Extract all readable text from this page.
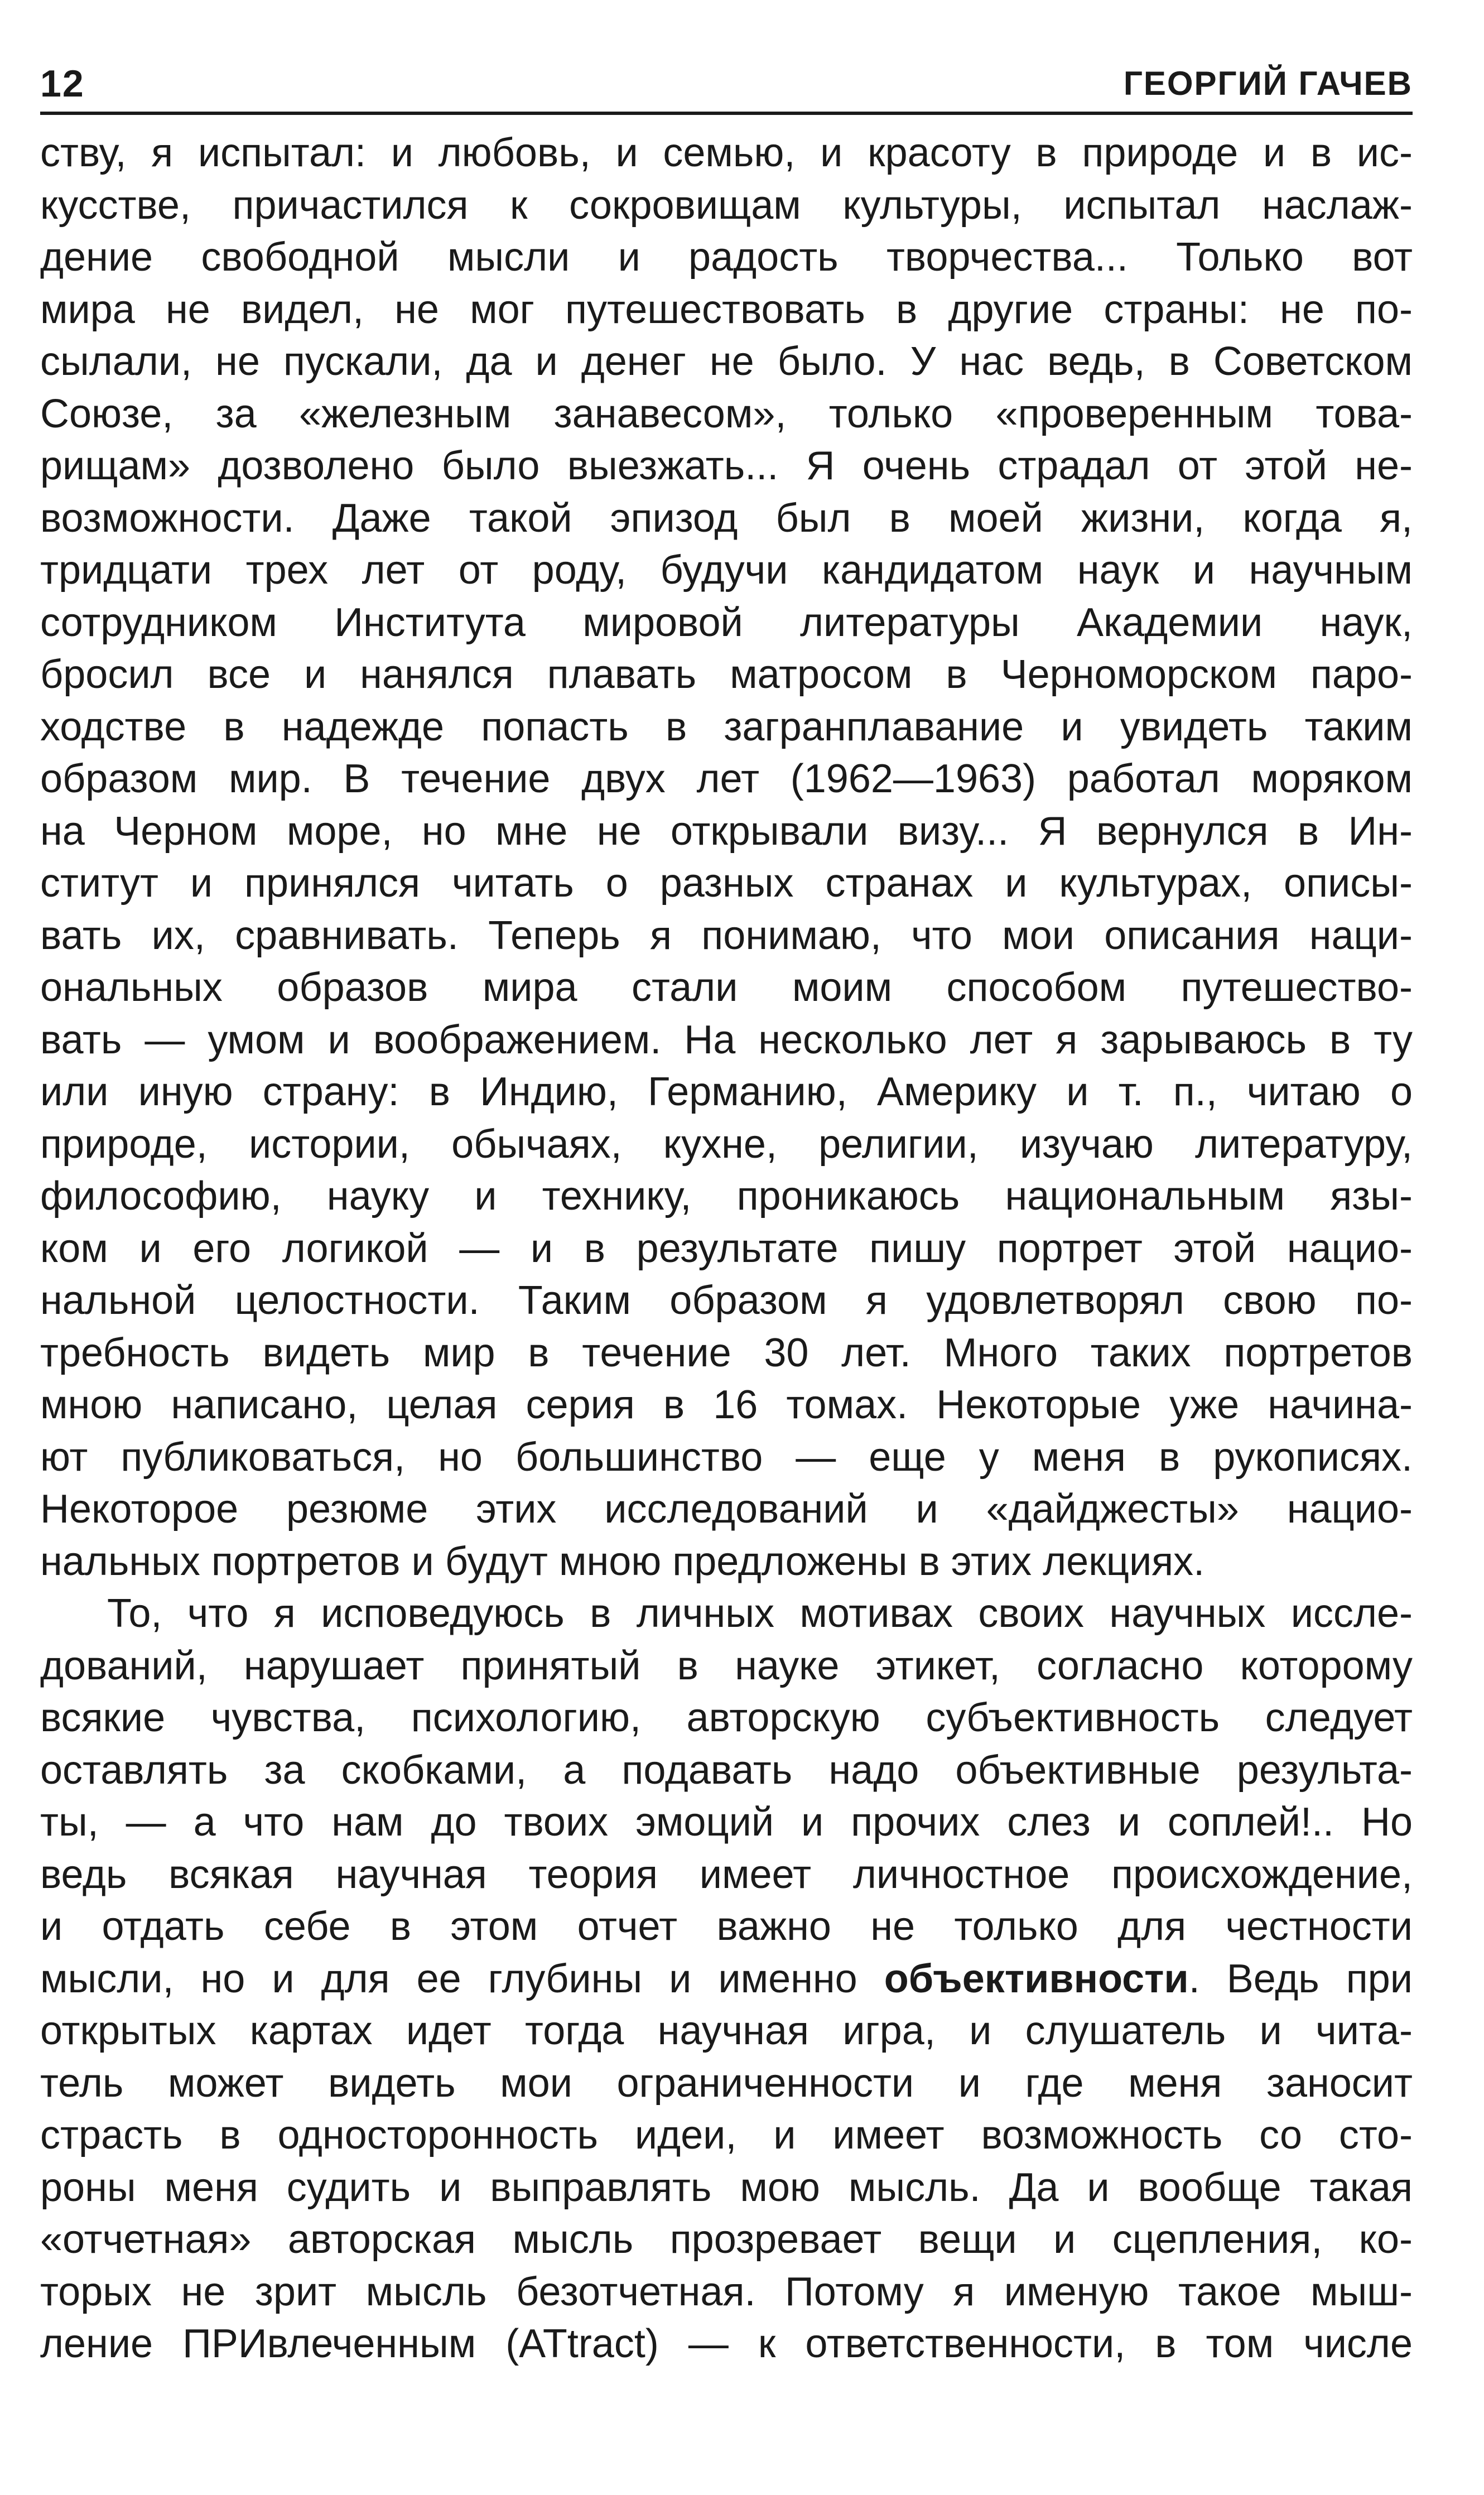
12	ГЕОРГИЙ ГАЧЕВ
ству, я испытал: и любовь, и семью, и красоту в природе и в ис-
кусстве, причастился к сокровищам культуры, испытал наслаж-
дение свободной мысли и радость творчества... Только вот
мира не видел, не мог путешествовать в другие страны: не по-
сылали, не пускали, да и денег не было. У нас ведь, в Советском
Союзе, за «железным занавесом», только «проверенным това-
рищам» дозволено было выезжать... Я очень страдал от этой не-
возможности. Даже такой эпизод был в моей жизни, когда я,
тридцати трех лет от роду, будучи кандидатом наук и научным
сотрудником Института мировой литературы Академии наук,
бросил все и нанялся плавать матросом в Черноморском паро-
ходстве в надежде попасть в загранплавание и увидеть таким
образом мир. В течение двух лет (1962—1963) работал моряком
на Черном море, но мне не открывали визу... Я вернулся в Ин-
ститут и принялся читать о разных странах и культурах, описы-
вать их, сравнивать. Теперь я понимаю, что мои описания наци-
ональных образов мира стали моим способом путешество-
вать — умом и воображением. На несколько лет я зарываюсь в ту
или иную страну: в Индию, Германию, Америку и т. п., читаю о
природе, истории, обычаях, кухне, религии, изучаю литературу,
философию, науку и технику, проникаюсь национальным язы-
ком и его логикой — и в результате пишу портрет этой нацио-
нальной целостности. Таким образом я удовлетворял свою по-
требность видеть мир в течение 30 лет. Много таких портретов
мною написано, целая серия в 16 томах. Некоторые уже начина-
ют публиковаться, но большинство — еще у меня в рукописях.
Некоторое резюме этих исследований и «дайджесты» нацио-
нальных портретов и будут мною предложены в этих лекциях.
То, что я исповедуюсь в личных мотивах своих научных иссле-
дований, нарушает принятый в науке этикет, согласно которому
всякие чувства, психологию, авторскую субъективность следует
оставлять за скобками, а подавать надо объективные результа-
ты, — а что нам до твоих эмоций и прочих слез и соплей!.. Но
ведь всякая научная теория имеет личностное происхождение,
и отдать себе в этом отчет важно не только для честности
мысли, но и для ее глубины и именно объективности. Ведь при
открытых картах идет тогда научная игра, и слушатель и чита-
тель может видеть мои ограниченности и где меня заносит
страсть в односторонность идеи, и имеет возможность со сто-
роны меня судить и выправлять мою мысль. Да и вообще такая
«отчетная» авторская мысль прозревает вещи и сцепления, ко-
торых не зрит мысль безотчетная. Потому я именую такое мыш-
ление ПРИвлеченным (ATtract) — к ответственности, в том числе
